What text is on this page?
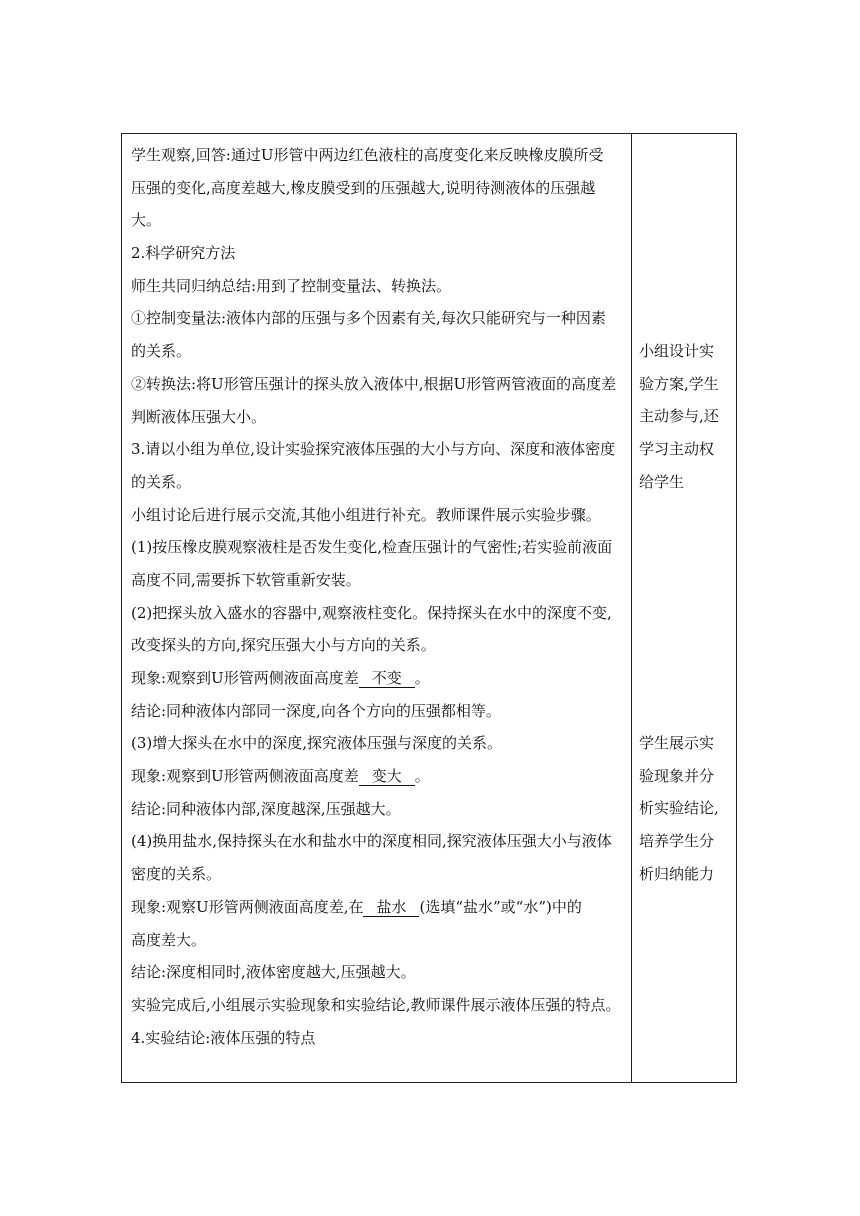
学生观察,回答:通过U形管中两边红色液柱的高度变化来反映橡皮膜所受
压强的变化,高度差越大,橡皮膜受到的压强越大,说明待测液体的压强越
大。
2.科学研究方法
师生共同归纳总结:用到了控制变量法、转换法。
①控制变量法:液体内部的压强与多个因素有关,每次只能研究与一种因素
的关系。
②转换法:将U形管压强计的探头放入液体中,根据U形管两管液面的高度差
判断液体压强大小。
3.请以小组为单位,设计实验探究液体压强的大小与方向、深度和液体密度
的关系。
小组讨论后进行展示交流,其他小组进行补充。教师课件展示实验步骤。
(1)按压橡皮膜观察液柱是否发生变化,检查压强计的气密性;若实验前液面
高度不同,需要拆下软管重新安装。
(2)把探头放入盛水的容器中,观察液柱变化。保持探头在水中的深度不变,
改变探头的方向,探究压强大小与方向的关系。
现象:观察到U形管两侧液面高度差 不变 。
结论:同种液体内部同一深度,向各个方向的压强都相等。
(3)增大探头在水中的深度,探究液体压强与深度的关系。
现象:观察到U形管两侧液面高度差 变大 。
结论:同种液体内部,深度越深,压强越大。
(4)换用盐水,保持探头在水和盐水中的深度相同,探究液体压强大小与液体
密度的关系。
现象:观察U形管两侧液面高度差,在 盐水 (选填“盐水”或“水”)中的
高度差大。
结论:深度相同时,液体密度越大,压强越大。
实验完成后,小组展示实验现象和实验结论,教师课件展示液体压强的特点。
4.实验结论:液体压强的特点
小组设计实
验方案,学生
主动参与,还
学习主动权
给学生
学生展示实
验现象并分
析实验结论,
培养学生分
析归纳能力
